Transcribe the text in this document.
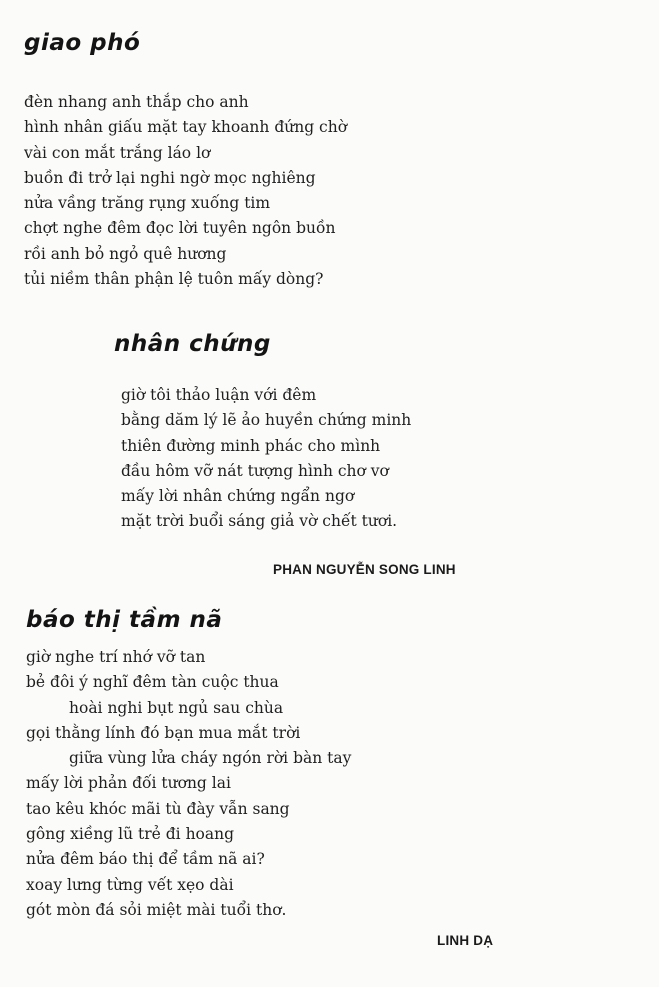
giao phó
đèn nhang anh thắp cho anh
hình nhân giấu mặt tay khoanh đứng chờ
vài con mắt trắng láo lơ
buồn đi trở lại nghi ngờ mọc nghiêng
nửa vầng trăng rụng xuống tim
chợt nghe đêm đọc lời tuyên ngôn buồn
rồi anh bỏ ngỏ quê hương
tủi niềm thân phận lệ tuôn mấy dòng?
nhân chứng
giờ tôi thảo luận với đêm
bằng dăm lý lẽ ảo huyền chứng minh
thiên đường minh phác cho mình
đầu hôm vỡ nát tượng hình chơ vơ
mấy lời nhân chứng ngẩn ngơ
mặt trời buổi sáng giả vờ chết tươi.
PHAN NGUYỄN SONG LINH
báo thị tầm nã
giờ nghe trí nhớ vỡ tan
bẻ đôi ý nghĩ đêm tàn cuộc thua
hoài nghi bụt ngủ sau chùa
gọi thằng lính đó bạn mua mắt trời
giữa vùng lửa cháy ngón rời bàn tay
mấy lời phản đối tương lai
tao kêu khóc mãi tù đày vẫn sang
gông xiềng lũ trẻ đi hoang
nửa đêm báo thị để tầm nã ai?
xoay lưng từng vết xẹo dài
gót mòn đá sỏi miệt mài tuổi thơ.
LINH DẠ
